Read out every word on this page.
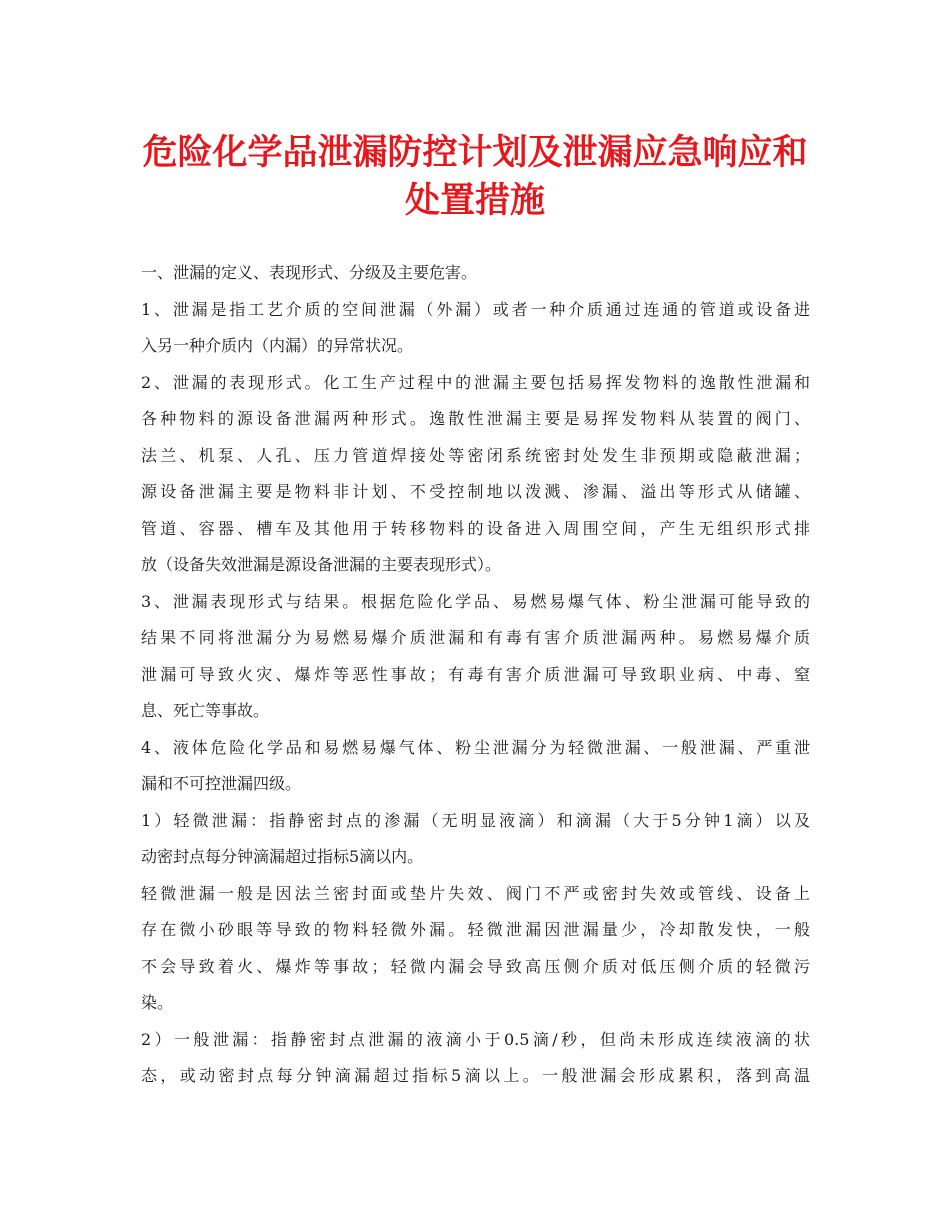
危险化学品泄漏防控计划及泄漏应急响应和
处置措施
一、泄漏的定义、表现形式、分级及主要危害。
1、泄漏是指工艺介质的空间泄漏（外漏）或者一种介质通过连通的管道或设备进
入另一种介质内（内漏）的异常状况。
2、泄漏的表现形式。化工生产过程中的泄漏主要包括易挥发物料的逸散性泄漏和
各种物料的源设备泄漏两种形式。逸散性泄漏主要是易挥发物料从装置的阀门、
法兰、机泵、人孔、压力管道焊接处等密闭系统密封处发生非预期或隐蔽泄漏；
源设备泄漏主要是物料非计划、不受控制地以泼溅、渗漏、溢出等形式从储罐、
管道、容器、槽车及其他用于转移物料的设备进入周围空间，产生无组织形式排
放（设备失效泄漏是源设备泄漏的主要表现形式）。
3、泄漏表现形式与结果。根据危险化学品、易燃易爆气体、粉尘泄漏可能导致的
结果不同将泄漏分为易燃易爆介质泄漏和有毒有害介质泄漏两种。易燃易爆介质
泄漏可导致火灾、爆炸等恶性事故；有毒有害介质泄漏可导致职业病、中毒、窒
息、死亡等事故。
4、液体危险化学品和易燃易爆气体、粉尘泄漏分为轻微泄漏、一般泄漏、严重泄
漏和不可控泄漏四级。
1）轻微泄漏：指静密封点的渗漏（无明显液滴）和滴漏（大于5分钟1滴）以及
动密封点每分钟滴漏超过指标5滴以内。
轻微泄漏一般是因法兰密封面或垫片失效、阀门不严或密封失效或管线、设备上
存在微小砂眼等导致的物料轻微外漏。轻微泄漏因泄漏量少，冷却散发快，一般
不会导致着火、爆炸等事故；轻微内漏会导致高压侧介质对低压侧介质的轻微污
染。
2）一般泄漏：指静密封点泄漏的液滴小于0.5滴/秒，但尚未形成连续液滴的状
态，或动密封点每分钟滴漏超过指标5滴以上。一般泄漏会形成累积，落到高温
